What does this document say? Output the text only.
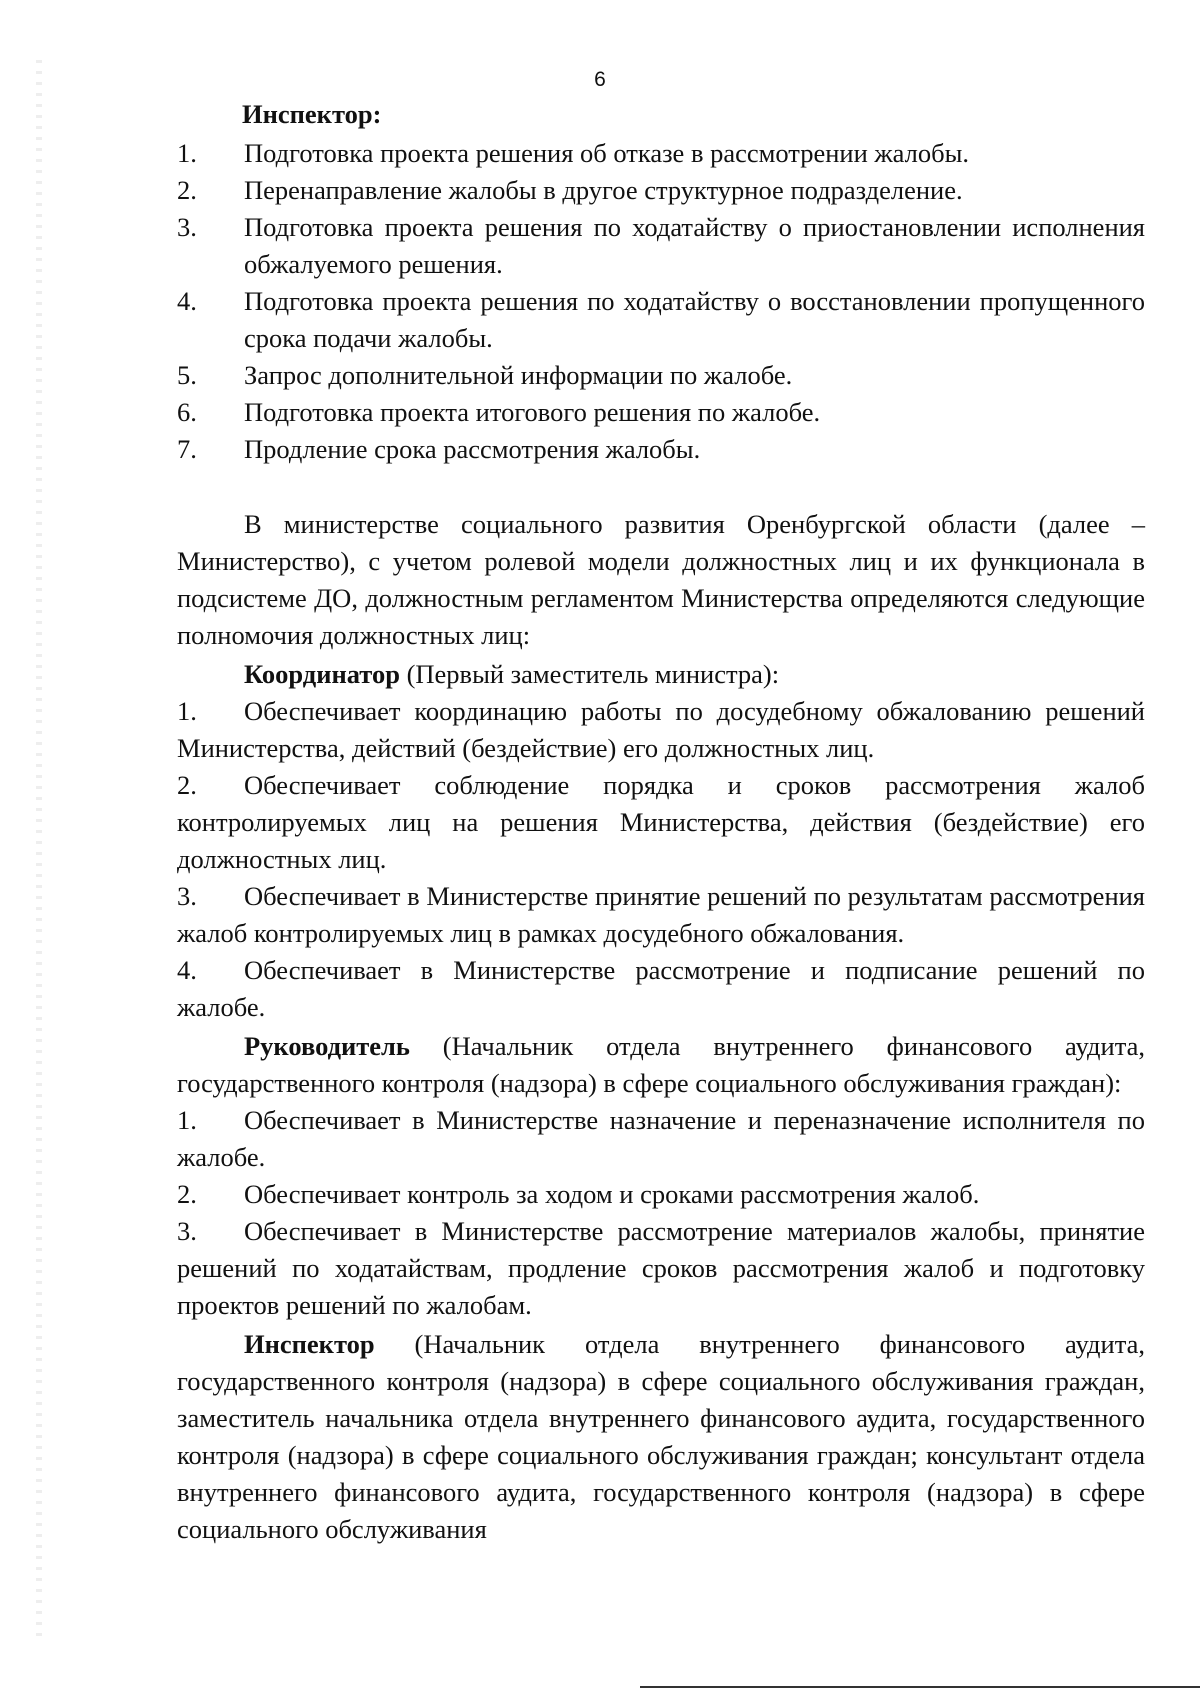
6
Инспектор:
1. Подготовка проекта решения об отказе в рассмотрении жалобы.
2. Перенаправление жалобы в другое структурное подразделение.
3. Подготовка проекта решения по ходатайству о приостановлении исполнения обжалуемого решения.
4. Подготовка проекта решения по ходатайству о восстановлении пропущенного срока подачи жалобы.
5. Запрос дополнительной информации по жалобе.
6. Подготовка проекта итогового решения по жалобе.
7. Продление срока рассмотрения жалобы.
В министерстве социального развития Оренбургской области (далее – Министерство), с учетом ролевой модели должностных лиц и их функционала в подсистеме ДО, должностным регламентом Министерства определяются следующие полномочия должностных лиц:
Координатор (Первый заместитель министра):
1. Обеспечивает координацию работы по досудебному обжалованию решений Министерства, действий (бездействие) его должностных лиц.
2. Обеспечивает соблюдение порядка и сроков рассмотрения жалоб контролируемых лиц на решения Министерства, действия (бездействие) его должностных лиц.
3. Обеспечивает в Министерстве принятие решений по результатам рассмотрения жалоб контролируемых лиц в рамках досудебного обжалования.
4. Обеспечивает в Министерстве рассмотрение и подписание решений по жалобе.
Руководитель (Начальник отдела внутреннего финансового аудита, государственного контроля (надзора) в сфере социального обслуживания граждан):
1. Обеспечивает в Министерстве назначение и переназначение исполнителя по жалобе.
2. Обеспечивает контроль за ходом и сроками рассмотрения жалоб.
3. Обеспечивает в Министерстве рассмотрение материалов жалобы, принятие решений по ходатайствам, продление сроков рассмотрения жалоб и подготовку проектов решений по жалобам.
Инспектор (Начальник отдела внутреннего финансового аудита, государственного контроля (надзора) в сфере социального обслуживания граждан, заместитель начальника отдела внутреннего финансового аудита, государственного контроля (надзора) в сфере социального обслуживания граждан; консультант отдела внутреннего финансового аудита, государственного контроля (надзора) в сфере социального обслуживания
